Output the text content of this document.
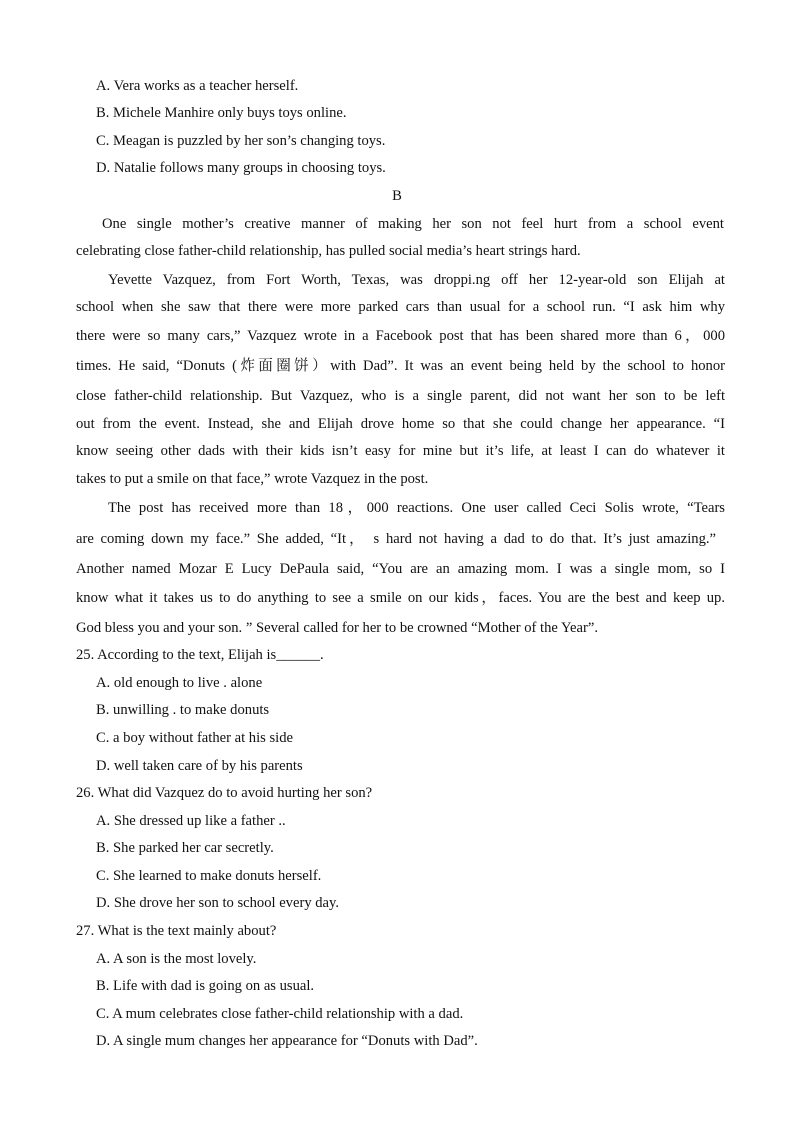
A. Vera works as a teacher herself.
B. Michele Manhire only buys toys online.
C. Meagan is puzzled by her son’s changing toys.
D. Natalie follows many groups in choosing toys.
B
One single mother’s creative manner of making her son not feel hurt from a school event
celebrating close father-child relationship, has pulled social media’s heart strings hard.
Yevette Vazquez, from Fort Worth, Texas, was droppi.ng off her 12-year-old son Elijah at
school when she saw that there were more parked cars than usual for a school run. “I ask him why
there were so many cars,” Vazquez wrote in a Facebook post that has been shared more than 6，000
times. He said, “Donuts (炸面圈饼）with Dad”. It was an event being held by the school to honor
close father-child relationship. But Vazquez, who is a single parent, did not want her son to be left
out from the event. Instead, she and Elijah drove home so that she could change her appearance. “I
know seeing other dads with their kids isn’t easy for mine but it’s life, at least I can do whatever it
takes to put a smile on that face,” wrote Vazquez in the post.
The post has received more than 18，000 reactions. One user called Ceci Solis wrote, “Tears
are coming down my face.” She added, “It， s hard not having a dad to do that. It’s just amazing.”
Another named Mozar E Lucy DePaula said, “You are an amazing mom. I was a single mom, so I
know what it takes us to do anything to see a smile on our kids，faces. You are the best and keep up.
God bless you and your son. ” Several called for her to be crowned “Mother of the Year”.
25. According to the text, Elijah is______.
A. old enough to live . alone
B. unwilling . to make donuts
C. a boy without father at his side
D. well taken care of by his parents
26. What did Vazquez do to avoid hurting her son?
A. She dressed up like a father ..
B. She parked her car secretly.
C. She learned to make donuts herself.
D. She drove her son to school every day.
27. What is the text mainly about?
A. A son is the most lovely.
B. Life with dad is going on as usual.
C. A mum celebrates close father-child relationship with a dad.
D. A single mum changes her appearance for “Donuts with Dad”.
